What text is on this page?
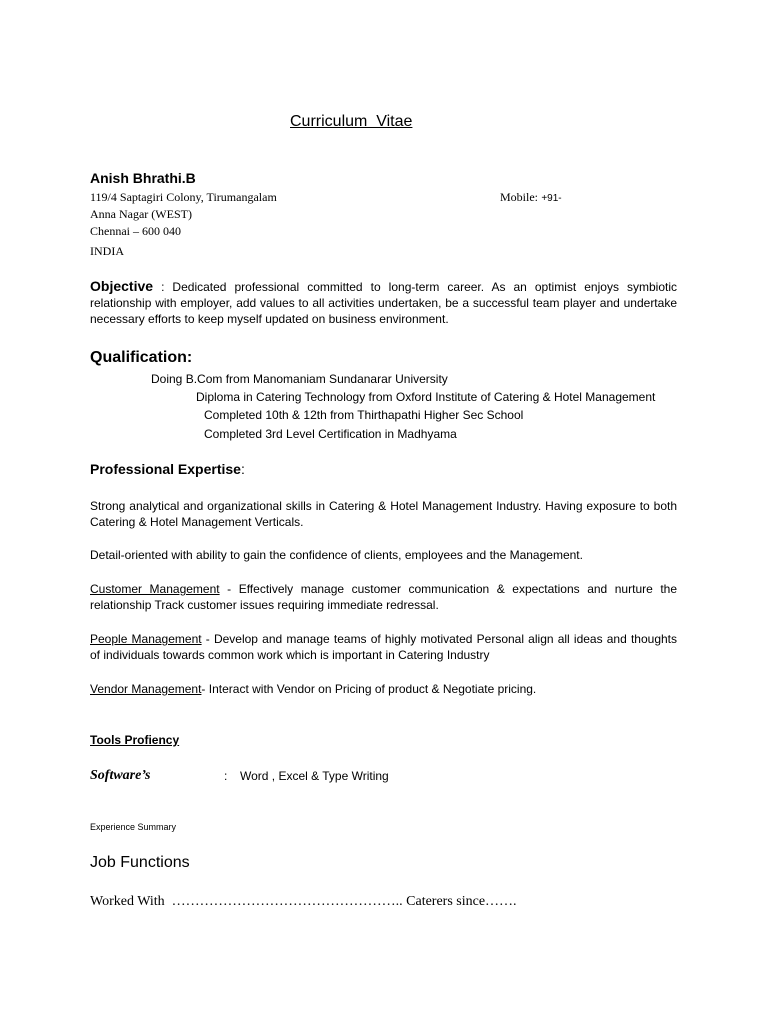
Curriculum  Vitae
Anish Bhrathi.B
119/4 Saptagiri Colony, Tirumangalam
Anna Nagar (WEST)
Chennai – 600 040
INDIA
Mobile: +91-
Objective : Dedicated professional committed to long-term career. As an optimist enjoys symbiotic relationship with employer, add values to all activities undertaken, be a successful team player and undertake necessary efforts to keep myself updated on business environment.
Qualification:
Doing B.Com from Manomaniam Sundanarar University
Diploma in Catering Technology from Oxford Institute of Catering & Hotel Management
Completed 10th & 12th from Thirthapathi Higher Sec School
Completed 3rd Level Certification in Madhyama
Professional Expertise:
Strong analytical and organizational skills in Catering & Hotel Management Industry. Having exposure to both Catering & Hotel Management Verticals.
Detail-oriented with ability to gain the confidence of clients, employees and the Management.
Customer Management - Effectively manage customer communication & expectations and nurture the relationship Track customer issues requiring immediate redressal.
People Management - Develop and manage teams of highly motivated Personal align all ideas and thoughts of individuals towards common work which is important in Catering Industry
Vendor Management- Interact with Vendor on Pricing of product & Negotiate pricing.
Tools Profiency
Software’s	: Word , Excel & Type Writing
Experience Summary
Job Functions
Worked With  ………………………………………….. Caterers since…….
